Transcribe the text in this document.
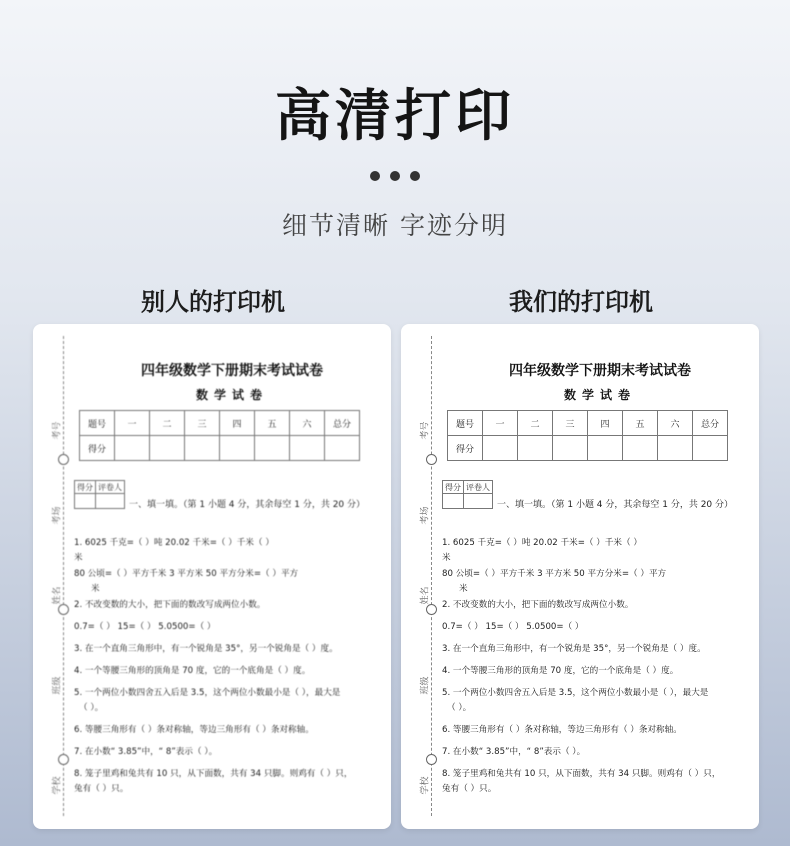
高清打印
细节清晰 字迹分明
别人的打印机	我们的打印机
考号
考场
姓名
班级
学校
四年级数学下册期末考试试卷
数学试卷
题号	一	二	三	四	五	六	总分
得分							
得分	评卷人

一、填一填。（第 1 小题 4 分，其余每空 1 分，共 20 分）
1. 6025 千克=（ ）吨 20.02 千米=（ ）千米（ ）
米
80 公顷=（ ）平方千米 3 平方米 50 平方分米=（ ）平方
米
2. 不改变数的大小，把下面的数改写成两位小数。
0.7=（ ） 15=（ ） 5.0500=（ ）
3. 在一个直角三角形中，有一个锐角是 35°，另一个锐角是（ ）度。
4. 一个等腰三角形的顶角是 70 度，它的一个底角是（ ）度。
5. 一个两位小数四舍五入后是 3.5，这个两位小数最小是（ ），最大是
（ ）。
6. 等腰三角形有（ ）条对称轴，等边三角形有（ ）条对称轴。
7. 在小数“ 3.85”中，“ 8”表示（ ）。
8. 笼子里鸡和兔共有 10 只，从下面数，共有 34 只脚。则鸡有（ ）只，
兔有（ ）只。
考号
考场
姓名
班级
学校
四年级数学下册期末考试试卷
数学试卷
题号	一	二	三	四	五	六	总分
得分							
得分	评卷人

一、填一填。（第 1 小题 4 分，其余每空 1 分，共 20 分）
1. 6025 千克=（ ）吨 20.02 千米=（ ）千米（ ）
米
80 公顷=（ ）平方千米 3 平方米 50 平方分米=（ ）平方
米
2. 不改变数的大小，把下面的数改写成两位小数。
0.7=（ ） 15=（ ） 5.0500=（ ）
3. 在一个直角三角形中，有一个锐角是 35°，另一个锐角是（ ）度。
4. 一个等腰三角形的顶角是 70 度，它的一个底角是（ ）度。
5. 一个两位小数四舍五入后是 3.5，这个两位小数最小是（ ），最大是
（ ）。
6. 等腰三角形有（ ）条对称轴，等边三角形有（ ）条对称轴。
7. 在小数“ 3.85”中，“ 8”表示（ ）。
8. 笼子里鸡和兔共有 10 只，从下面数，共有 34 只脚。则鸡有（ ）只，
兔有（ ）只。
